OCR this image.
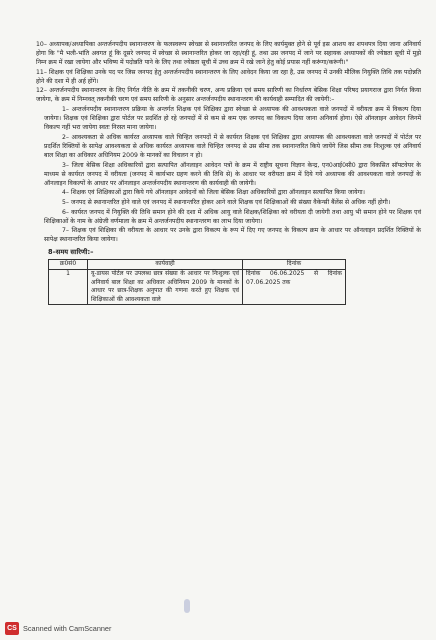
10– अध्यापक/अध्यापिका अन्तर्जनपदीय स्थानान्तरण के फलस्वरूप स्वेच्छा से स्थानान्तरित जनपद के लिए कार्यमुक्त होने से पूर्व इस आशय का शपथपत्र दिया जाना अनिवार्य होगा कि "मै भली-भांति अवगत हूं कि दूसरे जनपद में स्वेच्छा से स्थानान्तरित होकर जा रहा/रही हूं, तथा उस जनपद में जाने पर सहायक अध्यापकों की ज्येष्ठता सूची में मुझे निम्न क्रम में रखा जायेगा और भविष्य में पदोन्नति पाने के लिए तथा ज्येष्ठता सूची में उच्च क्रम में रखे जाने हेतु कोई प्रयास नहीं करूंगा/करूंगी।"

11– शिक्षक एवं शिक्षिका उनके पद पर जिस जनपद हेतु अन्तर्जनपदीय स्थानान्तरण के लिए आवेदन किया जा रहा है, उस जनपद में उनकी मौलिक नियुक्ति तिथि तक पदोन्नति होने की दशा में ही अर्ह होंगे।

12– अन्तर्जनपदीय स्थानान्तरण के लिए निर्गत नीति के क्रम में तकनीकी चरण, अन्य प्रक्रिया एवं समय सारिणी का निर्धारण बेसिक शिक्षा परिषद प्रयागराज द्वारा निर्गत किया जायेगा, के क्रम में निम्नवत् तकनीकी चरण एवं समय सारिणी के अनुसार अन्तर्जनपदीय स्थानान्तरण की कार्यवाही सम्पादित की जायेगी:–

1– अन्तर्जनपदीय स्थानान्तरण प्रक्रिया के अन्तर्गत शिक्षक एवं शिक्षिका द्वारा स्वेच्छा से अध्यापक की आवश्यकता वाले जनपदों में वरीयता क्रम में विकल्प दिया जायेगा। शिक्षक एवं शिक्षिका द्वारा पोर्टल पर प्रदर्शित हो रहे जनपदों में से कम से कम एक जनपद का विकल्प दिया जाना अनिवार्य होगा। ऐसे ऑनलाइन आवेदन जिनमें विकल्प नहीं भरा जायेगा स्वतः निरस्त माना जायेगा।

2– आवश्यकता से अधिक कार्यरत अध्यापक वाले चिन्हित जनपदों में से कार्यरत शिक्षक एवं शिक्षिका द्वारा अध्यापक की आवश्यकता वाले जनपदों में पोर्टल पर प्रदर्शित रिक्तियों के सापेक्ष आवश्यकता से अधिक कार्यरत अध्यापक वाले चिन्हित जनपद से उस सीमा तक स्थानान्तरित किये जायेंगे जिस सीमा तक निःशुल्क एवं अनिवार्य बाल शिक्षा का अधिकार अधिनियम 2009 के मानकों का विचलन न हो।

3– जिला बेसिक शिक्षा अधिकारियों द्वारा सत्यापित ऑनलाइन आवेदन पत्रों के क्रम में राष्ट्रीय सूचना विज्ञान केन्द्र, एन0आई0सी0 द्वारा विकसित सॉफ्टवेयर के माध्यम से कार्यरत जनपद में वरीयता (जनपद में कार्यभार ग्रहण करने की तिथि से) के आधार पर वरीयता क्रम में दिये गये अध्यापक की आवश्यकता वाले जनपदों के ऑनलाइन विकल्पों के आधार पर ऑनलाइन अन्तर्जनपदीय स्थानान्तरण की कार्यवाही की जायेगी।

4– शिक्षक एवं शिक्षिकाओं द्वारा किये गये ऑनलाइन आवेदनों को जिला बेसिक शिक्षा अधिकारियों द्वारा ऑनलाइन सत्यापित किया जायेगा।

5– जनपद से स्थानान्तरित होने वाले एवं जनपद में स्थानान्तरित होकर आने वाले शिक्षक एवं शिक्षिकाओं की संख्या वैकेन्सी बैंलेंस से अधिक नहीं होगी।

6– कार्यरत जनपद में नियुक्ति की तिथि समान होने की दशा में अधिक आयु वाले शिक्षक/शिक्षिका को वरीयता दी जायेगी तथा आयु भी समान होने पर शिक्षक एवं शिक्षिकाओं के नाम के अंग्रेजी वर्णमाला के क्रम में अन्तर्जनपदीय स्थानान्तरण का लाभ दिया जायेगा।

7– शिक्षक एवं शिक्षिका की वरीयता के आधार पर उनके द्वारा विकल्प के रूप में दिए गए जनपद के विकल्प क्रम के आधार पर ऑनलाइन प्रदर्शित रिक्तियों के सापेक्ष स्थानान्तरित किया जायेगा।

8–समय सारिणी:–
क्र0सं0	कार्यवाही	दिनांक
1	यू-डायस पोर्टल पर उपलब्ध छात्र संख्या के आधार पर निःशुल्क एवं अनिवार्य बाल शिक्षा का अधिकार अधिनियम 2009 के मानकों के आधार पर छात्र-शिक्षक अनुपात की गणना करते हुए शिक्षक एवं शिक्षिकाओं की आवश्यकता वाले	दिनांक 06.06.2025 से दिनांक 07.06.2025 तक
CS Scanned with CamScanner
